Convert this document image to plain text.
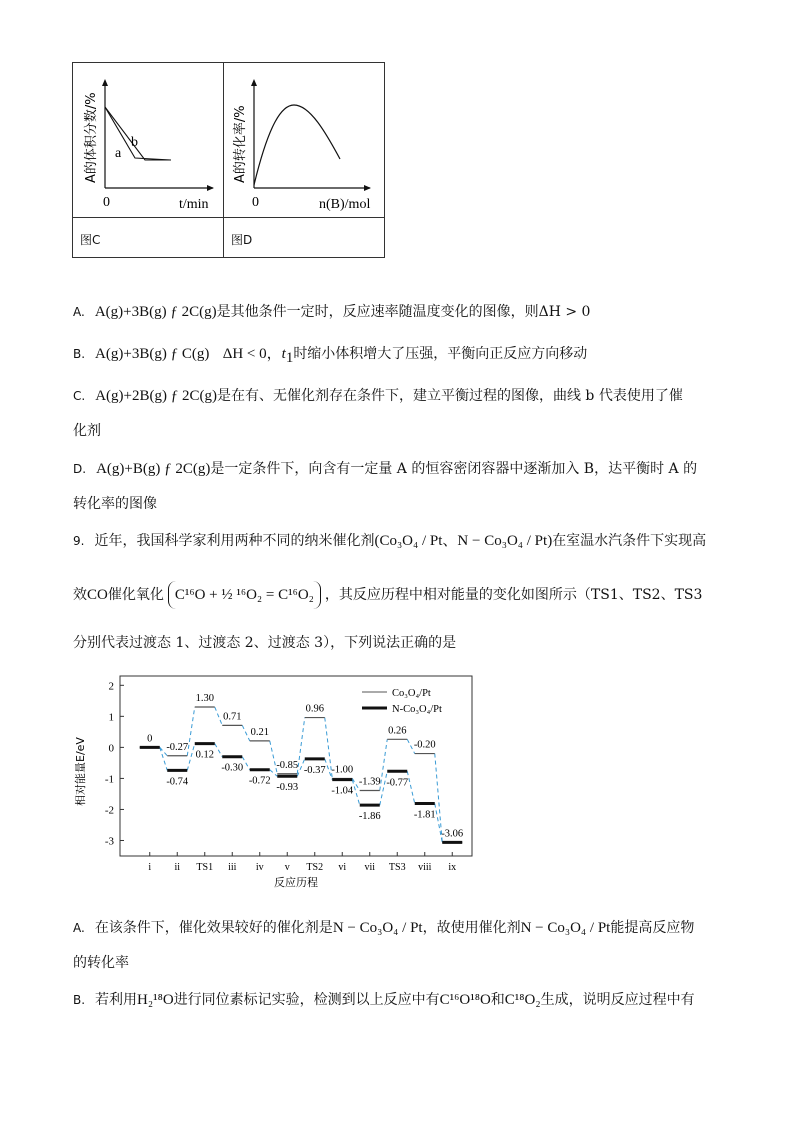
a
b
0	t/min
A的体积分数/%
图C
0	n(B)/mol
A的转化率/%
图D
A. A(g)+3B(g) ƒ 2C(g)是其他条件一定时，反应速率随温度变化的图像，则ΔH > 0
B. A(g)+3B(g) ƒ C(g) ΔH < 0，$t_1$时缩小体积增大了压强，平衡向正反应方向移动
C. A(g)+2B(g) ƒ 2C(g)是在有、无催化剂存在条件下，建立平衡过程的图像，曲线 b 代表使用了催
化剂
D. A(g)+B(g) ƒ 2C(g)是一定条件下，向含有一定量 A 的恒容密闭容器中逐渐加入 B，达平衡时 A 的
转化率的图像
9. 近年，我国科学家利用两种不同的纳米催化剂(Co₃O₄ / Pt、N − Co₃O₄ / Pt)在室温水汽条件下实现高
效CO催化氧化 C¹⁶O + ½ ¹⁶O₂ = C¹⁶O₂ ，其反应历程中相对能量的变化如图所示（TS1、TS2、TS3
分别代表过渡态 1、过渡态 2、过渡态 3），下列说法正确的是
-3
-2
-1
0
1
2
i ii TS1 iii iv v TS2 vi vii TS3 viii ix
反应历程
相对能量E/eV	0
-0.27
1.30
0.71
0.21
-0.85
0.96
-1.00
-1.39
0.26
-0.20
-3.06
-0.74
0.12
-0.30
-0.72
-0.93
-0.37
-1.04
-1.86
-0.77
-1.81
Co₃O₄/Pt
N-Co₃O₄/Pt
A. 在该条件下，催化效果较好的催化剂是N − Co₃O₄ / Pt，故使用催化剂N − Co₃O₄ / Pt能提高反应物
的转化率
B. 若利用H₂¹⁸O进行同位素标记实验，检测到以上反应中有C¹⁶O¹⁸O和C¹⁸O₂生成，说明反应过程中有
